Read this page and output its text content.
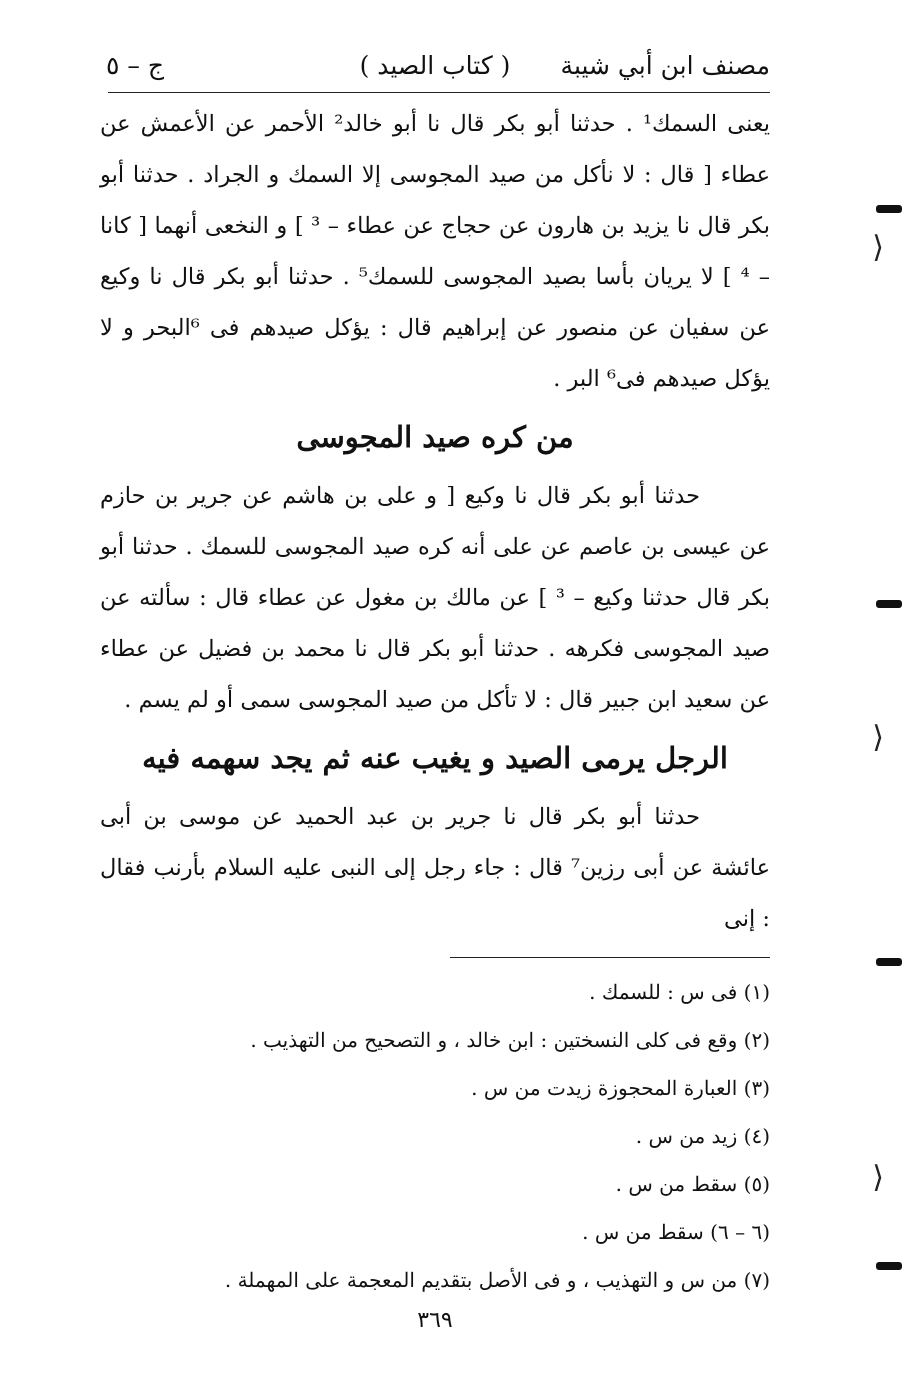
مصنف ابن أبي شيبة
( كتاب الصيد )
ج – ٥

يعنى السمك¹ . حدثنا أبو بكر قال نا أبو خالد² الأحمر عن الأعمش عن عطاء [ قال : لا نأكل من صيد المجوسى إلا السمك و الجراد . حدثنا أبو بكر قال نا يزيد بن هارون عن حجاج عن عطاء – ³ ] و النخعى أنهما [ كانا – ⁴ ] لا يريان بأسا بصيد المجوسى للسمك⁵ . حدثنا أبو بكر قال نا وكيع عن سفيان عن منصور عن إبراهيم قال : يؤكل صيدهم فى ⁶البحر و لا يؤكل صيدهم فى⁶ البر .

من كره صيد المجوسى

حدثنا أبو بكر قال نا وكيع [ و على بن هاشم عن جرير بن حازم عن عيسى بن عاصم عن على أنه كره صيد المجوسى للسمك . حدثنا أبو بكر قال حدثنا وكيع – ³ ] عن مالك بن مغول عن عطاء قال : سألته عن صيد المجوسى فكرهه . حدثنا أبو بكر قال نا محمد بن فضيل عن عطاء عن سعيد ابن جبير قال : لا تأكل من صيد المجوسى سمى أو لم يسم .

الرجل يرمى الصيد و يغيب عنه ثم يجد سهمه فيه

حدثنا أبو بكر قال نا جرير بن عبد الحميد عن موسى بن أبى عائشة عن أبى رزين⁷ قال : جاء رجل إلى النبى عليه السلام بأرنب فقال : إنى

(١) فى س : للسمك .
(٢) وقع فى كلى النسختين : ابن خالد ، و التصحيح من التهذيب .
(٣) العبارة المحجوزة زيدت من س .
(٤) زيد من س .
(٥) سقط من س .
(٦ – ٦) سقط من س .
(٧) من س و التهذيب ، و فى الأصل بتقديم المعجمة على المهملة .
٣٦٩
⟩
⟩
⟩
